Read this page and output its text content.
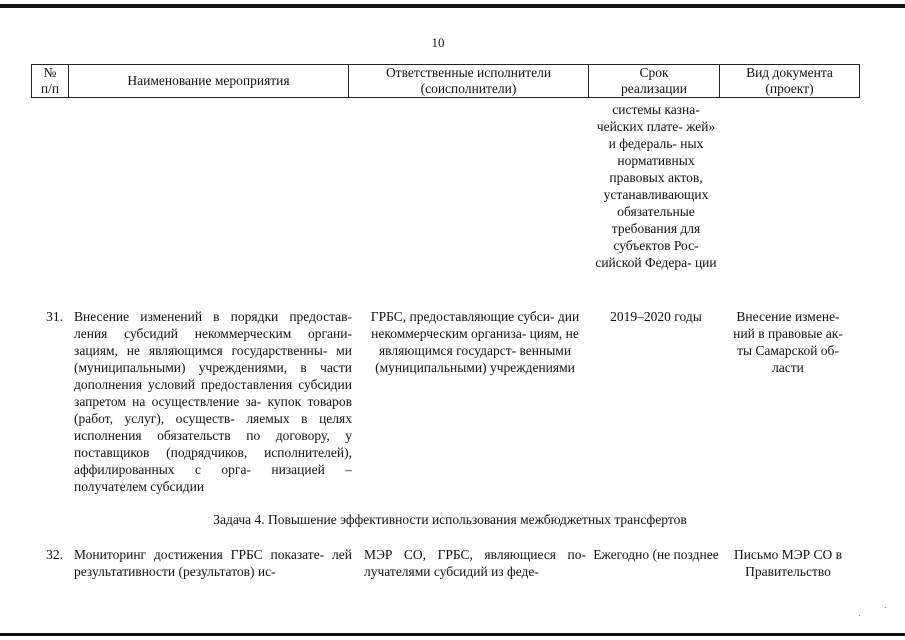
10
№ п/п
Наименование мероприятия
Ответственные исполнители (соисполнители)
Срок реализации
Вид документа (проект)
системы казна- чейских плате- жей» и федераль- ных нормативных правовых актов, устанавливающих обязательные требования для субъектов Рос- сийской Федера- ции
31. Внесение изменений в порядки предостав- ления субсидий некоммерческим органи- зациям, не являющимся государственны- ми (муниципальными) учреждениями, в части дополнения условий предоставления субсидии запретом на осуществление за- купок товаров (работ, услуг), осуществ- ляемых в целях исполнения обязательств по договору, у поставщиков (подрядчиков, исполнителей), аффилированных с орга- низацией – получателем субсидии
ГРБС, предоставляющие субси- дии некоммерческим организа- циям, не являющимся государст- венными (муниципальными) учреждениями
2019–2020 годы	Внесение измене- ний в правовые ак- ты Самарской об- ласти
Задача 4. Повышение эффективности использования межбюджетных трансфертов
32. Мониторинг достижения ГРБС показате- лей результативности (результатов) ис-
МЭР СО, ГРБС, являющиеся по- лучателями субсидий из феде-
Ежегодно (не позднее	Письмо МЭР СО в Правительство
.
˙
